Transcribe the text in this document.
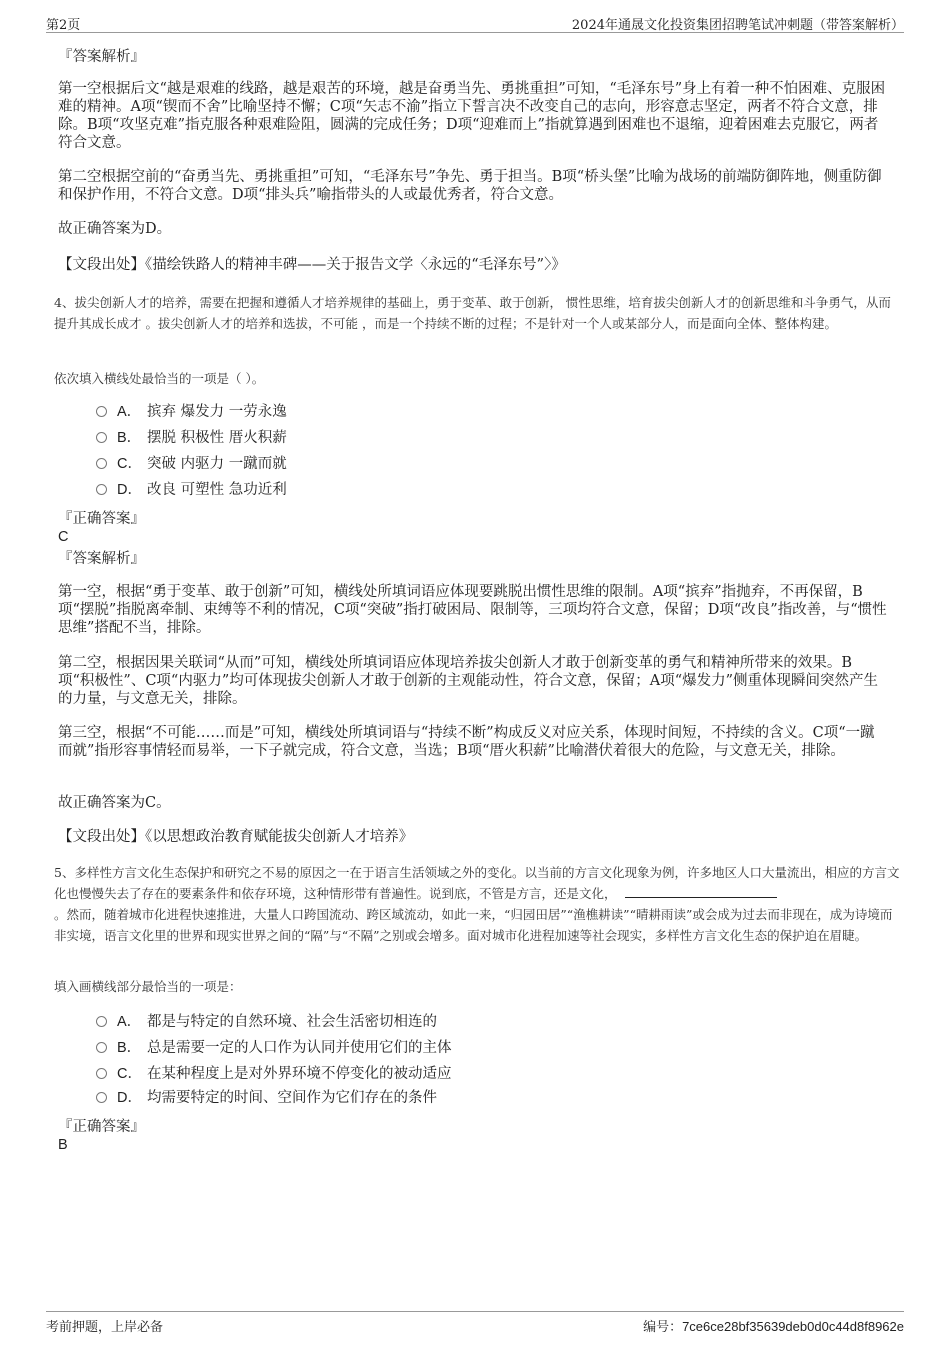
第2页	2024年通晟文化投资集团招聘笔试冲刺题（带答案解析）

『答案解析』

第一空根据后文“越是艰难的线路，越是艰苦的环境，越是奋勇当先、勇挑重担”可知，“毛泽东号”身上有着一种不怕困难、克服困难的精神。A项“锲而不舍”比喻坚持不懈；C项“矢志不渝”指立下誓言决不改变自己的志向，形容意志坚定，两者不符合文意，排除。B项“攻坚克难”指克服各种艰难险阻，圆满的完成任务；D项“迎难而上”指就算遇到困难也不退缩，迎着困难去克服它，两者符合文意。

第二空根据空前的“奋勇当先、勇挑重担”可知，“毛泽东号”争先、勇于担当。B项“桥头堡”比喻为战场的前端防御阵地，侧重防御和保护作用，不符合文意。D项“排头兵”喻指带头的人或最优秀者，符合文意。

故正确答案为D。

【文段出处】《描绘铁路人的精神丰碑——关于报告文学〈永远的“毛泽东号”〉》

4、拔尖创新人才的培养，需要在把握和遵循人才培养规律的基础上，勇于变革、敢于创新， 惯性思维，培育拔尖创新人才的创新思维和斗争勇气，从而提升其成长成才 。拔尖创新人才的培养和选拔，不可能 ，而是一个持续不断的过程；不是针对一个人或某部分人，而是面向全体、整体构建。

依次填入横线处最恰当的一项是（ ）。

A． 摈弃 爆发力 一劳永逸
B． 摆脱 积极性 厝火积薪
C． 突破 内驱力 一蹴而就
D． 改良 可塑性 急功近利

『正确答案』

C

『答案解析』

第一空，根据“勇于变革、敢于创新”可知，横线处所填词语应体现要跳脱出惯性思维的限制。A项“摈弃”指抛弃，不再保留，B项“摆脱”指脱离牵制、束缚等不利的情况，C项“突破”指打破困局、限制等，三项均符合文意，保留；D项“改良”指改善，与“惯性思维”搭配不当，排除。

第二空，根据因果关联词“从而”可知，横线处所填词语应体现培养拔尖创新人才敢于创新变革的勇气和精神所带来的效果。B项“积极性”、C项“内驱力”均可体现拔尖创新人才敢于创新的主观能动性，符合文意，保留；A项“爆发力”侧重体现瞬间突然产生的力量，与文意无关，排除。

第三空，根据“不可能……而是”可知，横线处所填词语与“持续不断”构成反义对应关系，体现时间短，不持续的含义。C项“一蹴而就”指形容事情轻而易举，一下子就完成，符合文意，当选；B项“厝火积薪”比喻潜伏着很大的危险，与文意无关，排除。

故正确答案为C。

【文段出处】《以思想政治教育赋能拔尖创新人才培养》

5、多样性方言文化生态保护和研究之不易的原因之一在于语言生活领域之外的变化。以当前的方言文化现象为例，许多地区人口大量流出，相应的方言文化也慢慢失去了存在的要素条件和依存环境，这种情形带有普遍性。说到底，不管是方言，还是文化，

。然而，随着城市化进程快速推进，大量人口跨国流动、跨区域流动，如此一来，“归园田居”“渔樵耕读”“晴耕雨读”或会成为过去而非现在，成为诗境而非实境，语言文化里的世界和现实世界之间的“隔”与“不隔”之别或会增多。面对城市化进程加速等社会现实，多样性方言文化生态的保护迫在眉睫。

填入画横线部分最恰当的一项是：

A． 都是与特定的自然环境、社会生活密切相连的
B． 总是需要一定的人口作为认同并使用它们的主体
C． 在某种程度上是对外界环境不停变化的被动适应
D． 均需要特定的时间、空间作为它们存在的条件

『正确答案』

B

考前押题，上岸必备	编号：7ce6ce28bf35639deb0d0c44d8f8962e
